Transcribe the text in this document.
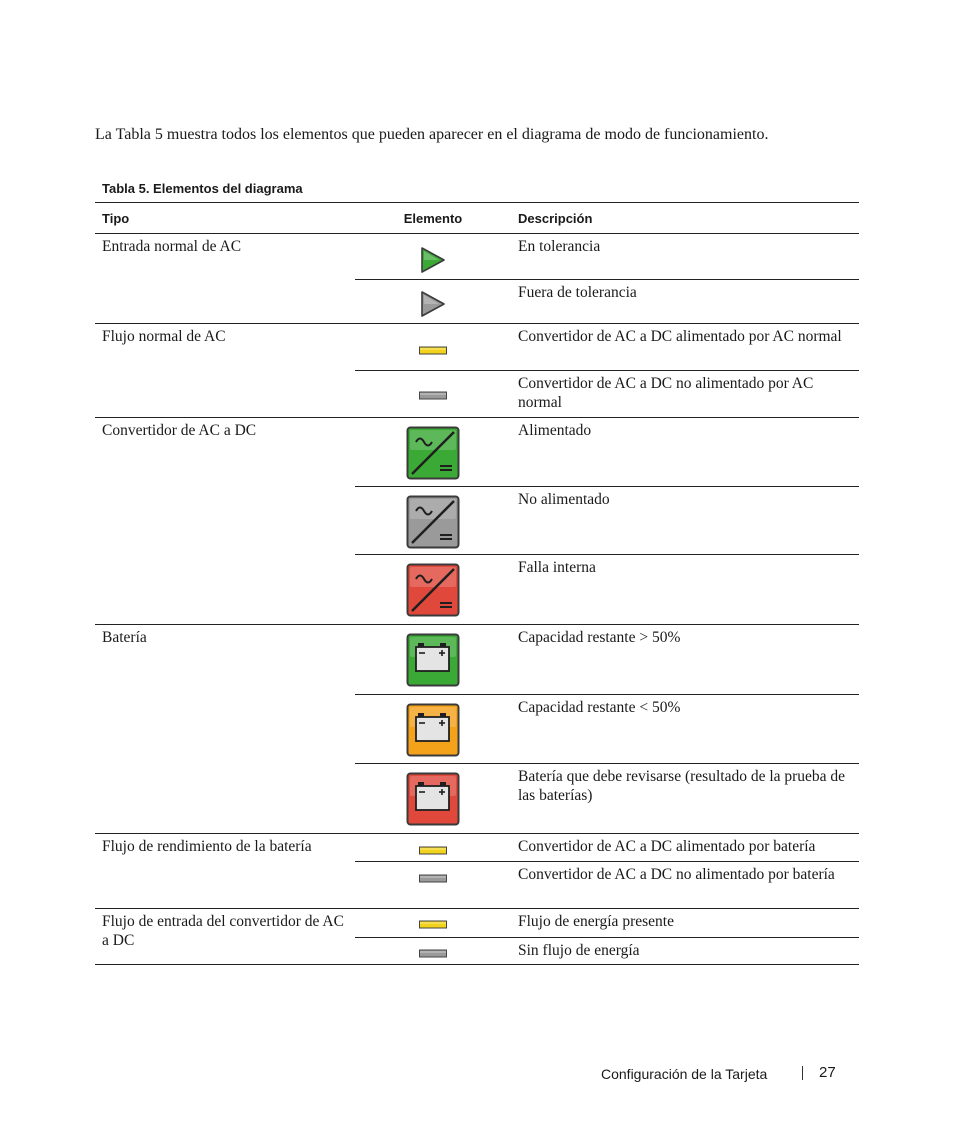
La Tabla 5 muestra todos los elementos que pueden aparecer en el diagrama de modo de funcionamiento.

Tabla 5. Elementos del diagrama

Tipo	Elemento	Descripción
Entrada normal de AC		En tolerancia

	Fuera de tolerancia
Flujo normal de AC		Convertidor de AC a DC alimentado por AC normal

	Convertidor de AC a DC no alimentado por AC normal
Convertidor de AC a DC		Alimentado

	No alimentado

	Falla interna
Batería		Capacidad restante > 50%

	Capacidad restante < 50%

	Batería que debe revisarse (resultado de la prueba de las baterías)
Flujo de rendimiento de la batería		Convertidor de AC a DC alimentado por batería

	Convertidor de AC a DC no alimentado por batería
Flujo de entrada del convertidor de AC a DC		Flujo de energía presente

	Sin flujo de energía
Configuración de la Tarjeta	27
